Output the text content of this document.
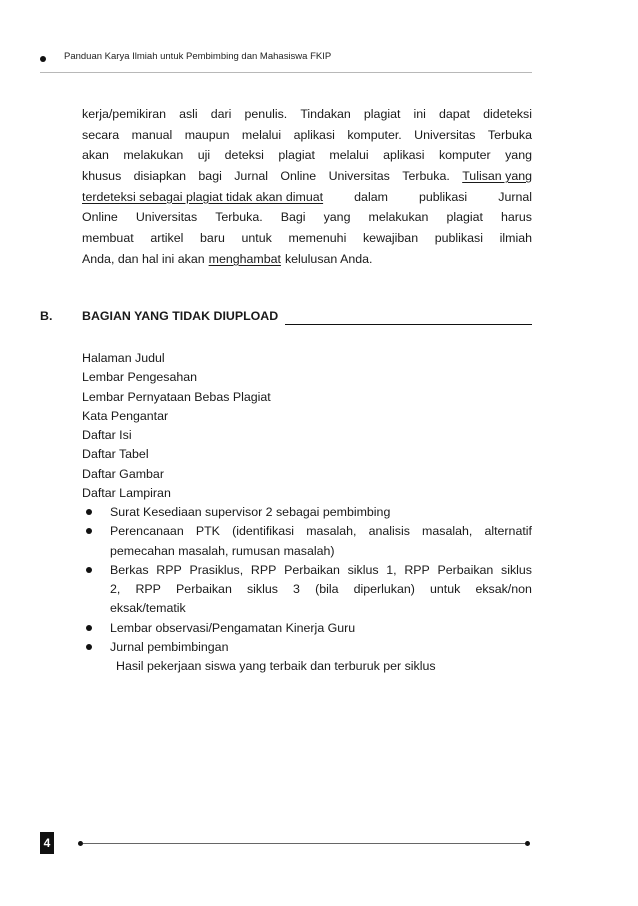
Panduan Karya Ilmiah untuk Pembimbing dan Mahasiswa FKIP
kerja/pemikiran asli dari penulis. Tindakan plagiat ini dapat dideteksi
secara manual maupun melalui aplikasi komputer. Universitas Terbuka
akan melakukan uji deteksi plagiat melalui aplikasi komputer yang
khusus disiapkan bagi Jurnal Online Universitas Terbuka. Tulisan yang
terdeteksi sebagai plagiat tidak akan dimuat	dalam	publikasi	Jurnal
Online Universitas Terbuka. Bagi yang melakukan plagiat harus
membuat artikel baru untuk memenuhi kewajiban publikasi ilmiah
Anda, dan hal ini akan menghambat kelulusan Anda.
B. BAGIAN YANG TIDAK DIUPLOAD
Halaman Judul
Lembar Pengesahan
Lembar Pernyataan Bebas Plagiat
Kata Pengantar
Daftar Isi
Daftar Tabel
Daftar Gambar
Daftar Lampiran
Surat Kesediaan supervisor 2 sebagai pembimbing
Perencanaan PTK (identifikasi masalah, analisis masalah, alternatif
pemecahan masalah, rumusan masalah)
Berkas RPP Prasiklus, RPP Perbaikan siklus 1, RPP Perbaikan siklus
2, RPP Perbaikan siklus 3 (bila diperlukan) untuk eksak/non
eksak/tematik
Lembar observasi/Pengamatan Kinerja Guru
Jurnal pembimbingan
Hasil pekerjaan siswa yang terbaik dan terburuk per siklus
4
